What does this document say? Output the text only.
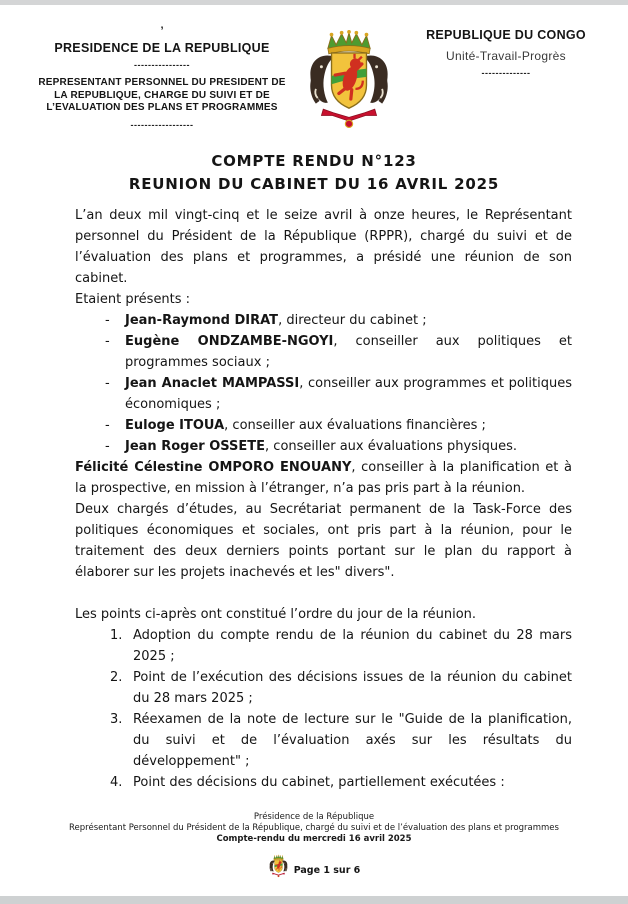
’
PRESIDENCE DE LA REPUBLIQUE
----------------
REPRESENTANT PERSONNEL DU PRESIDENT DE LA REPUBLIQUE, CHARGE DU SUIVI ET DE L’EVALUATION DES PLANS ET PROGRAMMES
------------------
REPUBLIQUE DU CONGO
Unité-Travail-Progrès
--------------
COMPTE RENDU N°123
REUNION DU CABINET DU 16 AVRIL 2025
L’an deux mil vingt-cinq et le seize avril à onze heures, le Représentant personnel du Président de la République (RPPR), chargé du suivi et de l’évaluation des plans et programmes, a présidé une réunion de son cabinet.
Etaient présents :
- Jean-Raymond DIRAT, directeur du cabinet ;
- Eugène ONDZAMBE-NGOYI, conseiller aux politiques et programmes sociaux ;
- Jean Anaclet MAMPASSI, conseiller aux programmes et politiques économiques ;
- Euloge ITOUA, conseiller aux évaluations financières ;
- Jean Roger OSSETE, conseiller aux évaluations physiques.
Félicité Célestine OMPORO ENOUANY, conseiller à la planification et à la prospective, en mission à l’étranger, n’a pas pris part à la réunion.
Deux chargés d’études, au Secrétariat permanent de la Task-Force des politiques économiques et sociales, ont pris part à la réunion, pour le traitement des deux derniers points portant sur le plan du rapport à élaborer sur les projets inachevés et les" divers".
Les points ci-après ont constitué l’ordre du jour de la réunion.
1. Adoption du compte rendu de la réunion du cabinet du 28 mars 2025 ;
2. Point de l’exécution des décisions issues de la réunion du cabinet du 28 mars 2025 ;
3. Réexamen de la note de lecture sur le "Guide de la planification, du suivi et de l’évaluation axés sur les résultats du développement" ;
4. Point des décisions du cabinet, partiellement exécutées :
Présidence de la République
Représentant Personnel du Président de la République, chargé du suivi et de l’évaluation des plans et programmes
Compte-rendu du mercredi 16 avril 2025
Page 1 sur 6
